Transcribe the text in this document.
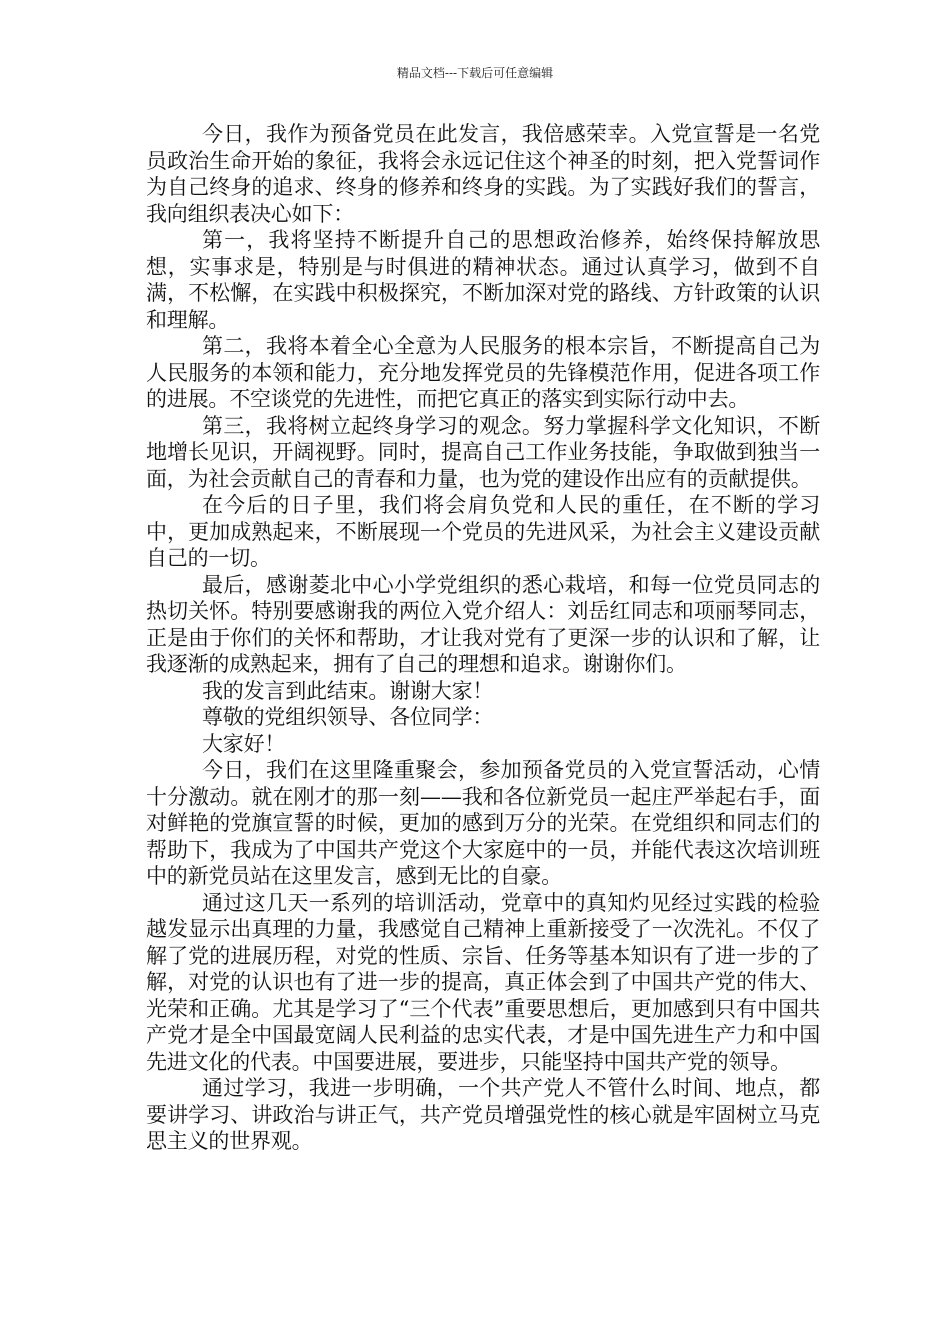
精品文档---下载后可任意编辑

今日，我作为预备党员在此发言，我倍感荣幸。入党宣誓是一名党员政治生命开始的象征，我将会永远记住这个神圣的时刻，把入党誓词作为自己终身的追求、终身的修养和终身的实践。为了实践好我们的誓言，我向组织表决心如下：

第一，我将坚持不断提升自己的思想政治修养，始终保持解放思想，实事求是，特别是与时俱进的精神状态。通过认真学习，做到不自满，不松懈，在实践中积极探究，不断加深对党的路线、方针政策的认识和理解。

第二，我将本着全心全意为人民服务的根本宗旨，不断提高自己为人民服务的本领和能力，充分地发挥党员的先锋模范作用，促进各项工作的进展。不空谈党的先进性，而把它真正的落实到实际行动中去。

第三，我将树立起终身学习的观念。努力掌握科学文化知识，不断地增长见识，开阔视野。同时，提高自己工作业务技能，争取做到独当一面，为社会贡献自己的青春和力量，也为党的建设作出应有的贡献提供。

在今后的日子里，我们将会肩负党和人民的重任，在不断的学习中，更加成熟起来，不断展现一个党员的先进风采，为社会主义建设贡献自己的一切。

最后，感谢菱北中心小学党组织的悉心栽培，和每一位党员同志的热切关怀。特别要感谢我的两位入党介绍人：刘岳红同志和项丽琴同志，正是由于你们的关怀和帮助，才让我对党有了更深一步的认识和了解，让我逐渐的成熟起来，拥有了自己的理想和追求。谢谢你们。

我的发言到此结束。谢谢大家！

尊敬的党组织领导、各位同学：

大家好！

今日，我们在这里隆重聚会，参加预备党员的入党宣誓活动，心情十分激动。就在刚才的那一刻——我和各位新党员一起庄严举起右手，面对鲜艳的党旗宣誓的时候，更加的感到万分的光荣。在党组织和同志们的帮助下，我成为了中国共产党这个大家庭中的一员，并能代表这次培训班中的新党员站在这里发言，感到无比的自豪。

通过这几天一系列的培训活动，党章中的真知灼见经过实践的检验越发显示出真理的力量，我感觉自己精神上重新接受了一次洗礼。不仅了解了党的进展历程，对党的性质、宗旨、任务等基本知识有了进一步的了解，对党的认识也有了进一步的提高，真正体会到了中国共产党的伟大、光荣和正确。尤其是学习了“三个代表”重要思想后，更加感到只有中国共产党才是全中国最宽阔人民利益的忠实代表，才是中国先进生产力和中国先进文化的代表。中国要进展，要进步，只能坚持中国共产党的领导。

通过学习，我进一步明确，一个共产党人不管什么时间、地点，都要讲学习、讲政治与讲正气，共产党员增强党性的核心就是牢固树立马克思主义的世界观。
